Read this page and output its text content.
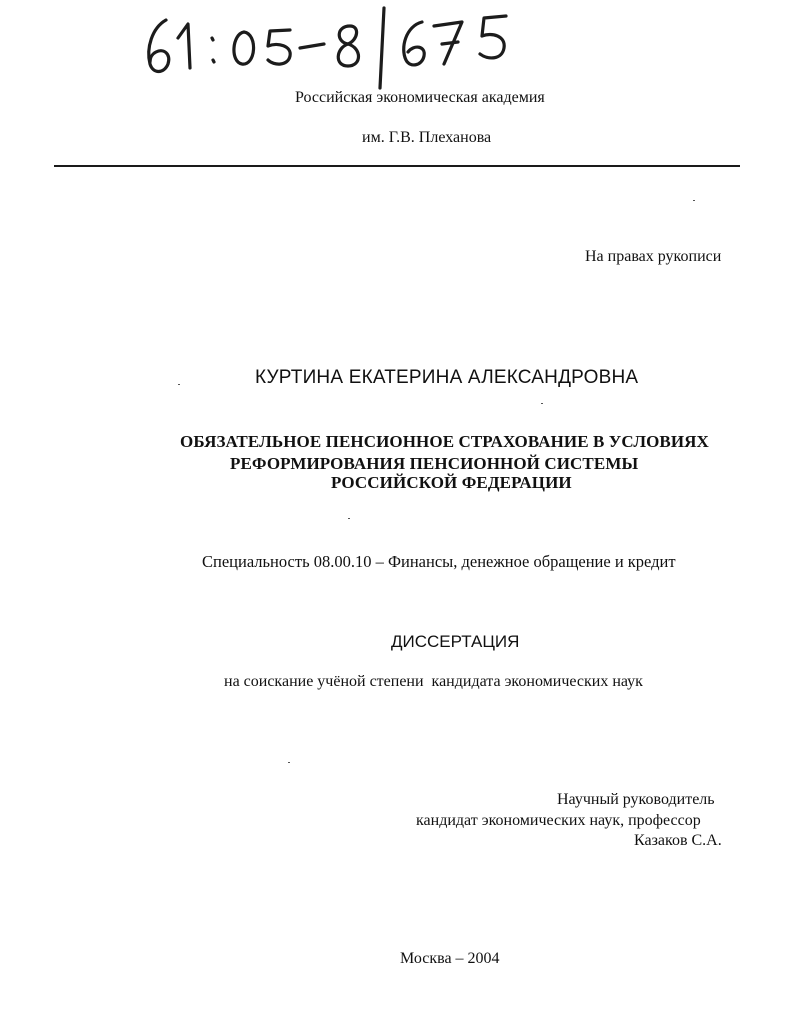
Российская экономическая академия
им. Г.В. Плеханова
На правах рукописи
КУРТИНА ЕКАТЕРИНА АЛЕКСАНДРОВНА
ОБЯЗАТЕЛЬНОЕ ПЕНСИОННОЕ СТРАХОВАНИЕ В УСЛОВИЯХ
РЕФОРМИРОВАНИЯ ПЕНСИОННОЙ СИСТЕМЫ
РОССИЙСКОЙ ФЕДЕРАЦИИ
Специальность 08.00.10 – Финансы, денежное обращение и кредит
ДИССЕРТАЦИЯ
на соискание учёной степени  кандидата экономических наук
Научный руководитель
кандидат экономических наук, профессор
Казаков С.А.
Москва – 2004
